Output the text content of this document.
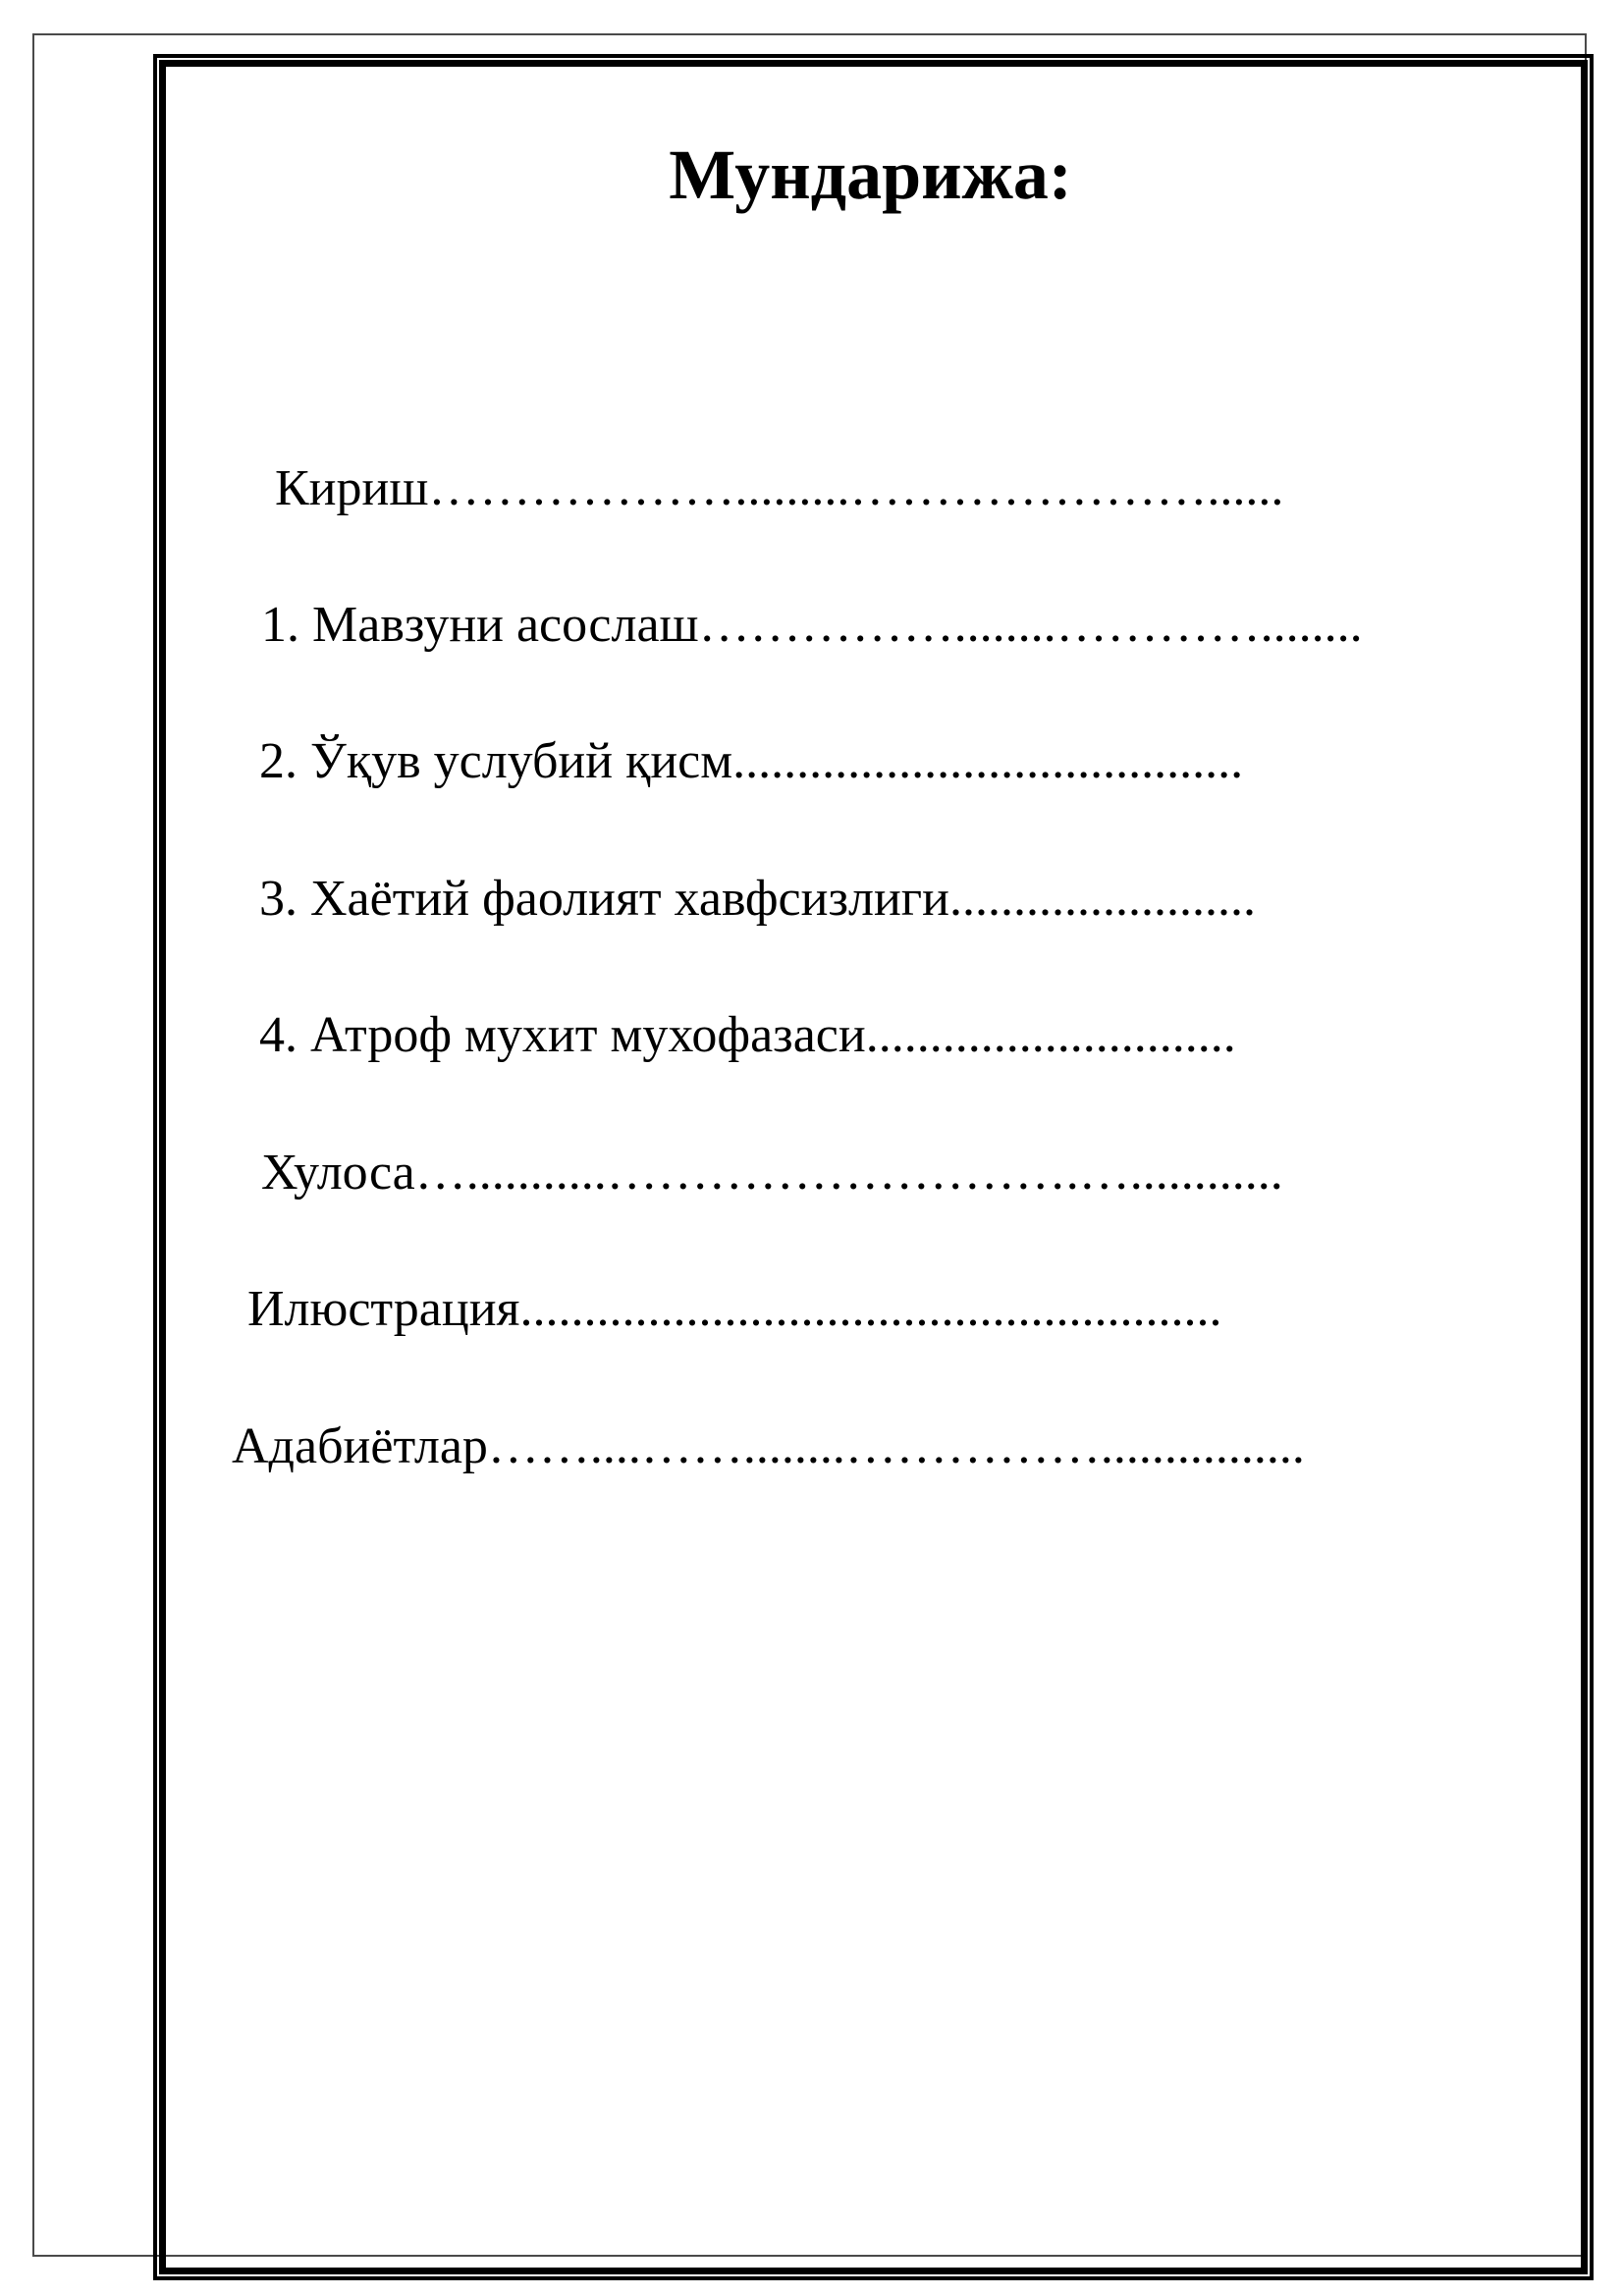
Мундарижа:

Кириш……………….........…………………......

1. Мавзуни асослаш……………........…………........

2. Ўқув услубий қисм........................................

3. Хаётий фаолият хавфсизлиги........................

4. Атроф мухит мухофазаси.............................

Хулоса…...........……………………….…............

Илюстрация.......................................................

Адабиётлар……....……........……………................
